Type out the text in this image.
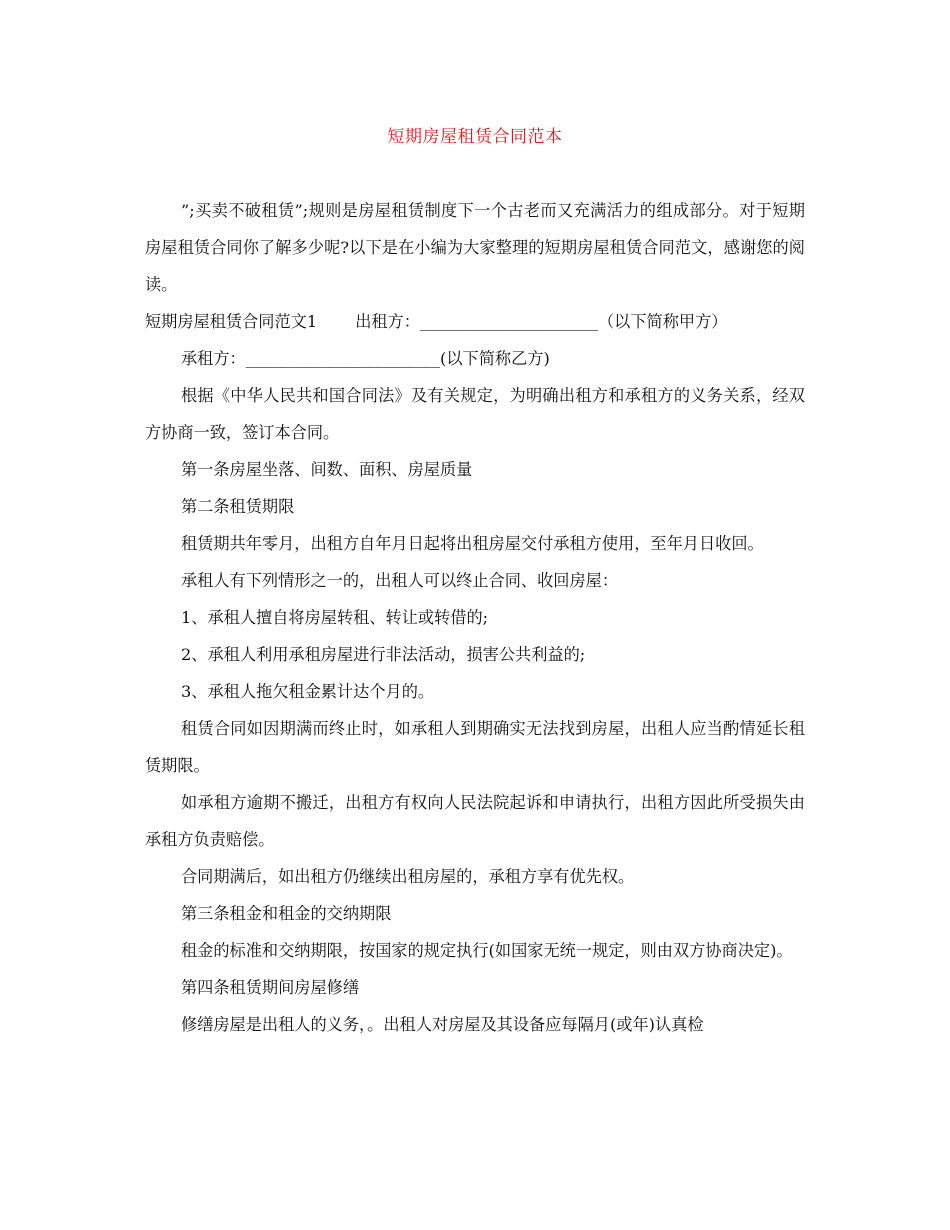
短期房屋租赁合同范本

”;买卖不破租赁”;规则是房屋租赁制度下一个古老而又充满活力的组成部分。对于短期房屋租赁合同你了解多少呢?以下是在小编为大家整理的短期房屋租赁合同范文，感谢您的阅读。

短期房屋租赁合同范文1 出租方：______________________（以下简称甲方）

承租方：________________________(以下简称乙方)

根据《中华人民共和国合同法》及有关规定，为明确出租方和承租方的义务关系，经双方协商一致，签订本合同。

第一条房屋坐落、间数、面积、房屋质量

第二条租赁期限

租赁期共年零月，出租方自年月日起将出租房屋交付承租方使用，至年月日收回。

承租人有下列情形之一的，出租人可以终止合同、收回房屋：

1、承租人擅自将房屋转租、转让或转借的;

2、承租人利用承租房屋进行非法活动，损害公共利益的;

3、承租人拖欠租金累计达个月的。

租赁合同如因期满而终止时，如承租人到期确实无法找到房屋，出租人应当酌情延长租赁期限。

如承租方逾期不搬迁，出租方有权向人民法院起诉和申请执行，出租方因此所受损失由承租方负责赔偿。

合同期满后，如出租方仍继续出租房屋的，承租方享有优先权。

第三条租金和租金的交纳期限

租金的标准和交纳期限，按国家的规定执行(如国家无统一规定，则由双方协商决定)。

第四条租赁期间房屋修缮

修缮房屋是出租人的义务，。出租人对房屋及其设备应每隔月(或年)认真检
